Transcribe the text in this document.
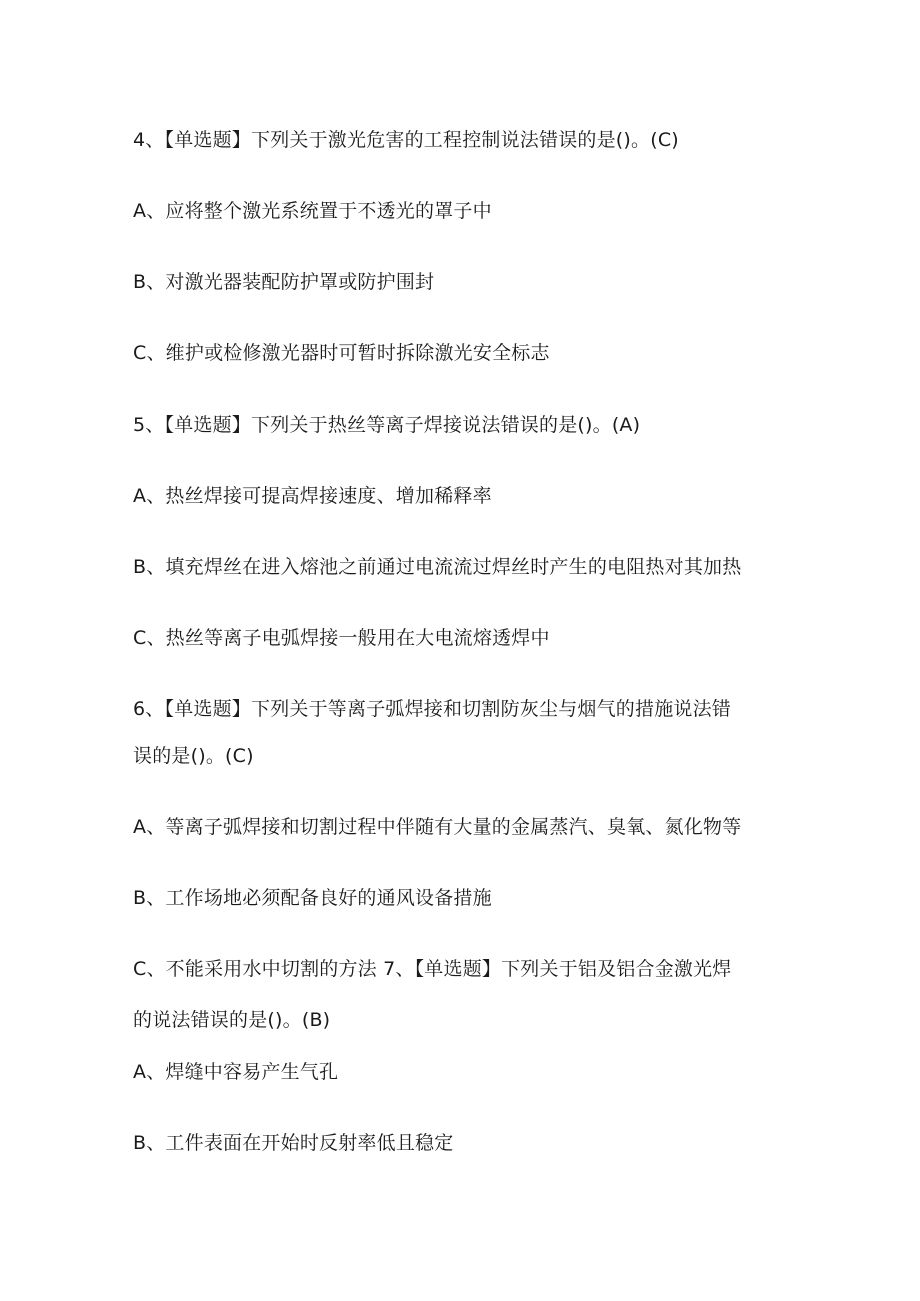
4、【单选题】下列关于激光危害的工程控制说法错误的是()。(C)
A、应将整个激光系统置于不透光的罩子中
B、对激光器装配防护罩或防护围封
C、维护或检修激光器时可暂时拆除激光安全标志
5、【单选题】下列关于热丝等离子焊接说法错误的是()。(A)
A、热丝焊接可提高焊接速度、增加稀释率
B、填充焊丝在进入熔池之前通过电流流过焊丝时产生的电阻热对其加热
C、热丝等离子电弧焊接一般用在大电流熔透焊中
6、【单选题】下列关于等离子弧焊接和切割防灰尘与烟气的措施说法错
误的是()。(C)
A、等离子弧焊接和切割过程中伴随有大量的金属蒸汽、臭氧、氮化物等
B、工作场地必须配备良好的通风设备措施
C、不能采用水中切割的方法 7、【单选题】下列关于铝及铝合金激光焊
的说法错误的是()。(B)
A、焊缝中容易产生气孔
B、工件表面在开始时反射率低且稳定
